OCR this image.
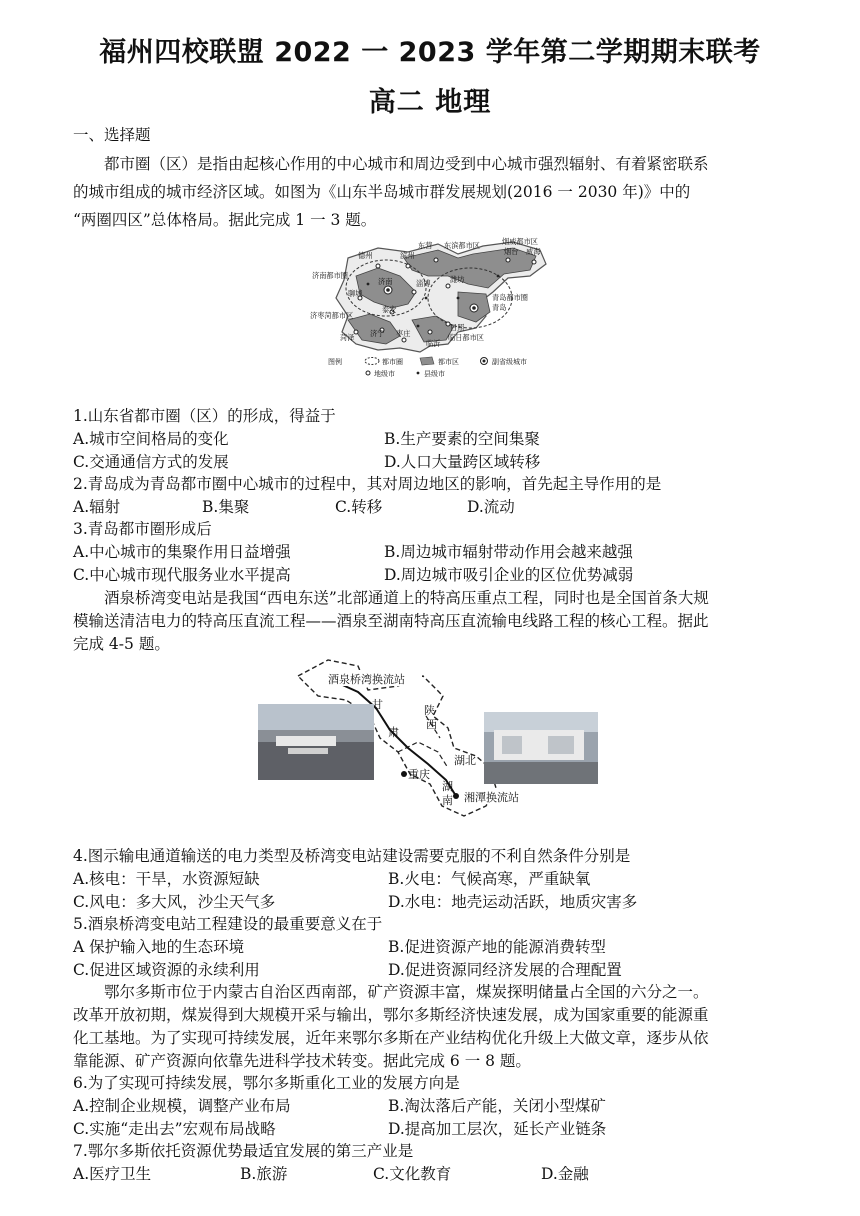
福州四校联盟 2022 一 2023 学年第二学期期末联考
高二 地理
一、选择题
都市圈（区）是指由起核心作用的中心城市和周边受到中心城市强烈辐射、有着紧密联系
的城市组成的城市经济区域。如图为《山东半岛城市群发展规划(2016 一 2030 年)》中的
“两圈四区”总体格局。据此完成 1 一 3 题。
德州	滨州
东营 东滨都市区	烟威都市区
烟台 威海
济南都市圈
济南	淄博	潍坊
聊城
泰安
青岛都市圈
青岛
济枣菏都市区
菏泽 济宁 枣庄
临沂
日照
临日都市区
图例	都市圈	都市区	副省级城市
地级市	县级市
1.山东省都市圈（区）的形成，得益于
A.城市空间格局的变化	B.生产要素的空间集聚
C.交通通信方式的发展	D.人口大量跨区域转移
2.青岛成为青岛都市圈中心城市的过程中，其对周边地区的影响，首先起主导作用的是
A.辐射	B.集聚	C.转移	D.流动
3.青岛都市圈形成后
A.中心城市的集聚作用日益增强	B.周边城市辐射带动作用会越来越强
C.中心城市现代服务业水平提高	D.周边城市吸引企业的区位优势减弱
酒泉桥湾变电站是我国“西电东送”北部通道上的特高压重点工程，同时也是全国首条大规
模输送清洁电力的特高压直流工程——酒泉至湖南特高压直流输电线路工程的核心工程。据此
完成 4-5 题。
酒泉桥湾换流站
甘
肃
陕
西
湖北
重庆
湖
南 湘潭换流站
4.图示输电通道输送的电力类型及桥湾变电站建设需要克服的不利自然条件分别是
A.核电：干旱，水资源短缺	B.火电：气候高寒，严重缺氧
C.风电：多大风，沙尘天气多	D.水电：地壳运动活跃，地质灾害多
5.酒泉桥湾变电站工程建设的最重要意义在于
A 保护输入地的生态环境	B.促进资源产地的能源消费转型
C.促进区域资源的永续利用	D.促进资源同经济发展的合理配置
鄂尔多斯市位于内蒙古自治区西南部，矿产资源丰富，煤炭探明储量占全国的六分之一。
改革开放初期，煤炭得到大规模开采与输出，鄂尔多斯经济快速发展，成为国家重要的能源重
化工基地。为了实现可持续发展，近年来鄂尔多斯在产业结构优化升级上大做文章，逐步从依
靠能源、矿产资源向依靠先进科学技术转变。据此完成 6 一 8 题。
6.为了实现可持续发展，鄂尔多斯重化工业的发展方向是
A.控制企业规模，调整产业布局	B.淘汰落后产能，关闭小型煤矿
C.实施“走出去”宏观布局战略	D.提高加工层次，延长产业链条
7.鄂尔多斯依托资源优势最适宜发展的第三产业是
A.医疗卫生	B.旅游	C.文化教育	D.金融
